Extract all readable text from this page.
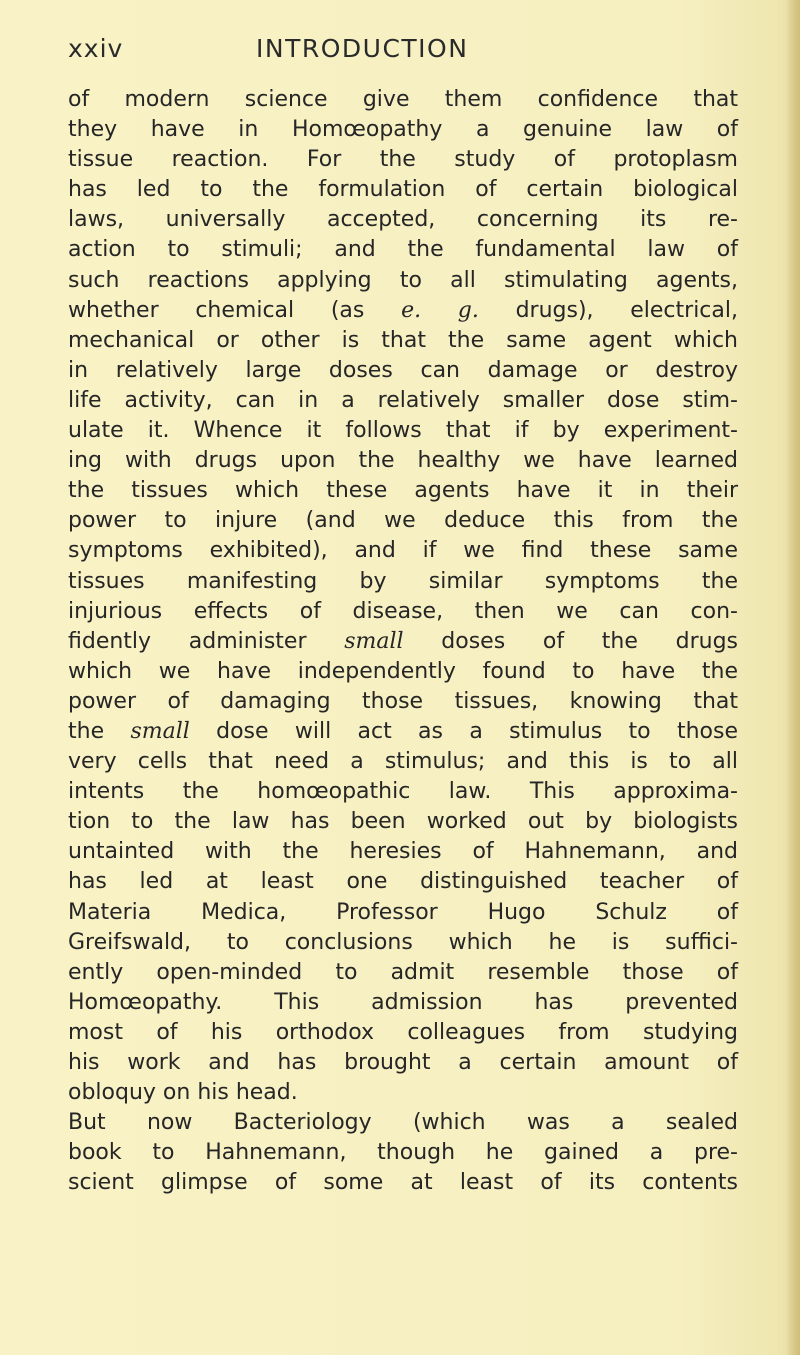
xxiv	INTRODUCTION
of modern science give them confidence that
they have in Homœopathy a genuine law of
tissue reaction. For the study of protoplasm
has led to the formulation of certain biological
laws, universally accepted, concerning its re-
action to stimuli; and the fundamental law of
such reactions applying to all stimulating agents,
whether chemical (as e. g. drugs), electrical,
mechanical or other is that the same agent which
in relatively large doses can damage or destroy
life activity, can in a relatively smaller dose stim-
ulate it. Whence it follows that if by experiment-
ing with drugs upon the healthy we have learned
the tissues which these agents have it in their
power to injure (and we deduce this from the
symptoms exhibited), and if we find these same
tissues manifesting by similar symptoms the
injurious effects of disease, then we can con-
fidently administer small doses of the drugs
which we have independently found to have the
power of damaging those tissues, knowing that
the small dose will act as a stimulus to those
very cells that need a stimulus; and this is to all
intents the homœopathic law. This approxima-
tion to the law has been worked out by biologists
untainted with the heresies of Hahnemann, and
has led at least one distinguished teacher of
Materia Medica, Professor Hugo Schulz of
Greifswald, to conclusions which he is suffici-
ently open-minded to admit resemble those of
Homœopathy. This admission has prevented
most of his orthodox colleagues from studying
his work and has brought a certain amount of
obloquy on his head.
But now Bacteriology (which was a sealed
book to Hahnemann, though he gained a pre-
scient glimpse of some at least of its contents
